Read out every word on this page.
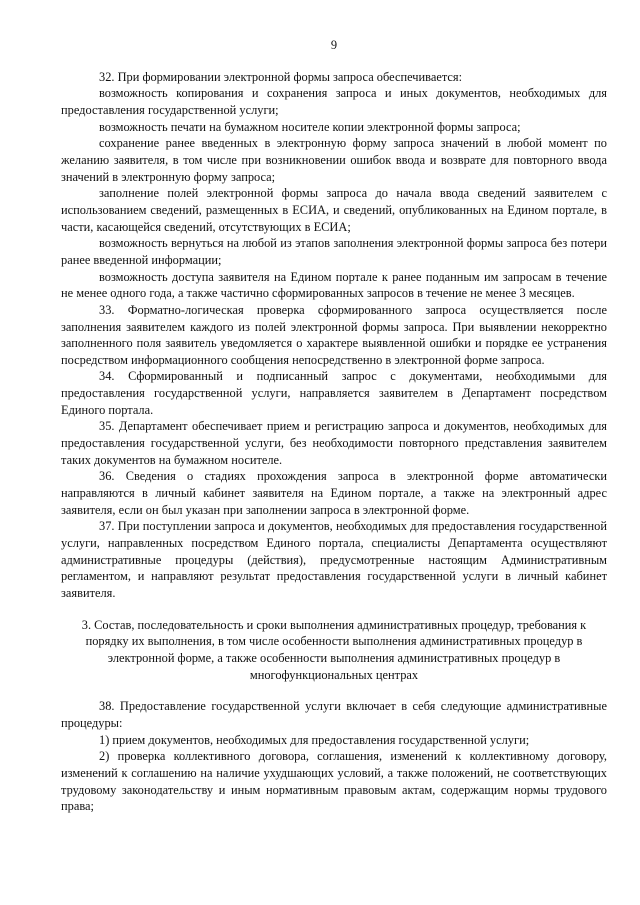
9

32. При формировании электронной формы запроса обеспечивается:

возможность копирования и сохранения запроса и иных документов, необходимых для предоставления государственной услуги;

возможность печати на бумажном носителе копии электронной формы запроса;

сохранение ранее введенных в электронную форму запроса значений в любой момент по желанию заявителя, в том числе при возникновении ошибок ввода и возврате для повторного ввода значений в электронную форму запроса;

заполнение полей электронной формы запроса до начала ввода сведений заявителем с использованием сведений, размещенных в ЕСИА, и сведений, опубликованных на Едином портале, в части, касающейся сведений, отсутствующих в ЕСИА;

возможность вернуться на любой из этапов заполнения электронной формы запроса без потери ранее введенной информации;

возможность доступа заявителя на Едином портале к ранее поданным им запросам в течение не менее одного года, а также частично сформированных запросов в течение не менее 3 месяцев.

33. Форматно-логическая проверка сформированного запроса осуществляется после заполнения заявителем каждого из полей электронной формы запроса. При выявлении некорректно заполненного поля заявитель уведомляется о характере выявленной ошибки и порядке ее устранения посредством информационного сообщения непосредственно в электронной форме запроса.

34. Сформированный и подписанный запрос с документами, необходимыми для предоставления государственной услуги, направляется заявителем в Департамент посредством Единого портала.

35. Департамент обеспечивает прием и регистрацию запроса и документов, необходимых для предоставления государственной услуги, без необходимости повторного представления заявителем таких документов на бумажном носителе.

36. Сведения о стадиях прохождения запроса в электронной форме автоматически направляются в личный кабинет заявителя на Едином портале, а также на электронный адрес заявителя, если он был указан при заполнении запроса в электронной форме.

37. При поступлении запроса и документов, необходимых для предоставления государственной услуги, направленных посредством Единого портала, специалисты Департамента осуществляют административные процедуры (действия), предусмотренные настоящим Административным регламентом, и направляют результат предоставления государственной услуги в личный кабинет заявителя.

3. Состав, последовательность и сроки выполнения административных процедур, требования к порядку их выполнения, в том числе особенности выполнения административных процедур в электронной форме, а также особенности выполнения административных процедур в многофункциональных центрах

38. Предоставление государственной услуги включает в себя следующие административные процедуры:

1) прием документов, необходимых для предоставления государственной услуги;

2) проверка коллективного договора, соглашения, изменений к коллективному договору, изменений к соглашению на наличие ухудшающих условий, а также положений, не соответствующих трудовому законодательству и иным нормативным правовым актам, содержащим нормы трудового права;
